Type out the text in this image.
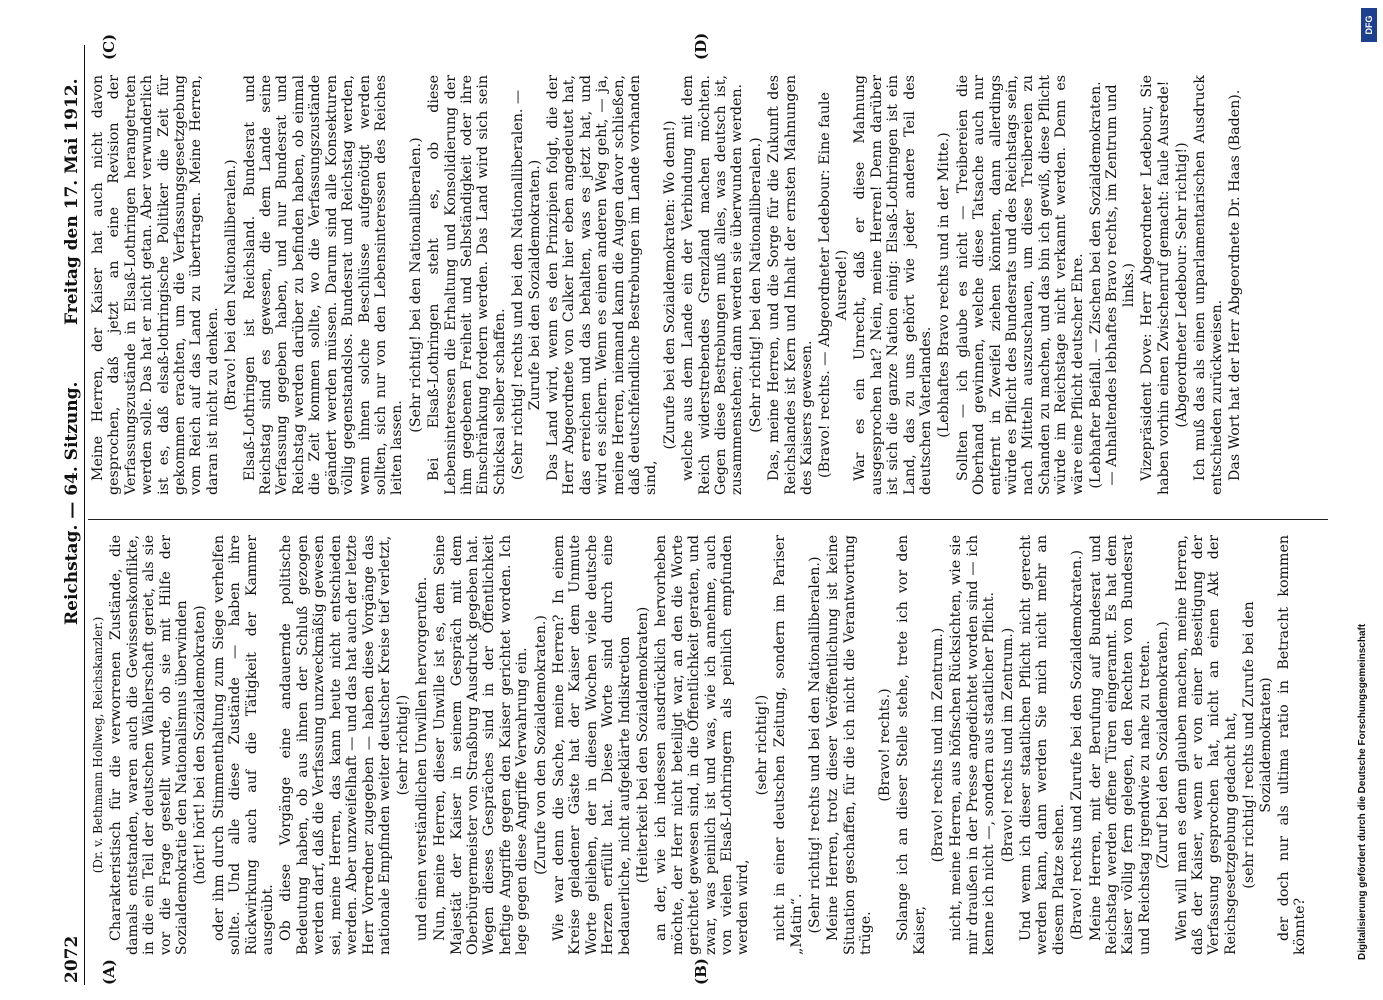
2072
Reichstag. — 64. Sitzung.
Freitag den 17. Mai 1912.
(A)	(B)
(C)	(D)

(Dr. v. Bethmann Hollweg, Reichskanzler.) Charakteristisch für die verworrenen Zustände, die damals entstanden, waren auch die Gewissenskonflikte, in die ein Teil der deutschen Wählerschaft geriet, als sie vor die Frage gestellt wurde, ob sie mit Hilfe der Sozialdemokratie den Nationalismus überwinden (hört! hört! bei den Sozialdemokraten) oder ihm durch Stimmenthaltung zum Siege verhelfen sollte. Und alle diese Zustände — haben ihre Rückwirkung auch auf die Tätigkeit der Kammer ausgeübt. Ob diese Vorgänge eine andauernde politische Bedeutung haben, ob aus ihnen der Schluß gezogen werden darf, daß die Verfassung unzweckmäßig gewesen sei, meine Herren, das kann heute nicht entschieden werden. Aber unzweifelhaft — und das hat auch der letzte Herr Vorredner zugegeben — haben diese Vorgänge das nationale Empfinden weiter deutscher Kreise tief verletzt, (sehr richtig!) und einen verständlichen Unwillen hervorgerufen. Nun, meine Herren, dieser Unwille ist es, dem Seine Majestät der Kaiser in seinem Gespräch mit dem Oberbürgermeister von Straßburg Ausdruck gegeben hat. Wegen dieses Gespräches sind in der Öffentlichkeit heftige Angriffe gegen den Kaiser gerichtet worden. Ich lege gegen diese Angriffe Verwahrung ein. (Zurufe von den Sozialdemokraten.) Wie war denn die Sache, meine Herren? In einem Kreise geladener Gäste hat der Kaiser dem Unmute Worte geliehen, der in diesen Wochen viele deutsche Herzen erfüllt hat. Diese Worte sind durch eine bedauerliche, nicht aufgeklärte Indiskretion (Heiterkeit bei den Sozialdemokraten) an der, wie ich indessen ausdrücklich hervorheben möchte, der Herr nicht beteiligt war, an den die Worte gerichtet gewesen sind, in die Öffentlichkeit geraten, und zwar, was peinlich ist und was, wie ich annehme, auch von vielen Elsaß-Lothringern als peinlich empfunden werden wird,

(sehr richtig!) nicht in einer deutschen Zeitung, sondern im Pariser „Matin“. (Sehr richtig! rechts und bei den Nationalliberalen.) Meine Herren, trotz dieser Veröffentlichung ist keine Situation geschaffen, für die ich nicht die Verantwortung trüge.

(Bravo! rechts.) Solange ich an dieser Stelle stehe, trete ich vor den Kaiser,

(Bravo! rechts und im Zentrum.) nicht, meine Herren, aus höfischen Rücksichten, wie sie mir draußen in der Presse angedichtet worden sind — ich kenne ich nicht —, sondern aus staatlicher Pflicht. (Bravo! rechts und im Zentrum.) Und wenn ich dieser staatlichen Pflicht nicht gerecht werden kann, dann werden Sie mich nicht mehr an diesem Platze sehen. (Bravo! rechts und Zurufe bei den Sozialdemokraten.) Meine Herren, mit der Berufung auf Bundesrat und Reichstag werden offene Türen eingerannt. Es hat dem Kaiser völlig fern gelegen, den Rechten von Bundesrat und Reichstag irgendwie zu nahe zu treten. (Zuruf bei den Sozialdemokraten.) Wen will man es denn glauben machen, meine Herren, daß der Kaiser, wenn er von einer Beseitigung der Verfassung gesprochen hat, nicht an einen Akt der Reichsgesetzgebung gedacht hat, (sehr richtig! rechts und Zurufe bei den Sozialdemokraten) der doch nur als ultima ratio in Betracht kommen könnte?

Meine Herren, der Kaiser hat auch nicht davon gesprochen, daß jetzt an eine Revision der Verfassungszustände in Elsaß-Lothringen herangetreten werden solle. Das hat er nicht getan. Aber verwunderlich ist es, daß elsaß-lothringische Politiker die Zeit für gekommen erachten, um die Verfassungsgesetzgebung vom Reich auf das Land zu übertragen. Meine Herren, daran ist nicht zu denken. (Bravo! bei den Nationalliberalen.) Elsaß-Lothringen ist Reichsland. Bundesrat und Reichstag sind es gewesen, die dem Lande seine Verfassung gegeben haben, und nur Bundesrat und Reichstag werden darüber zu befinden haben, ob einmal die Zeit kommen sollte, wo die Verfassungszustände geändert werden müssen. Darum sind alle Konsekturen völlig gegenstandslos. Bundesrat und Reichstag werden, wenn ihnen solche Beschlüsse aufgenötigt werden sollten, sich nur von den Lebensinteressen des Reiches leiten lassen.

(Sehr richtig! bei den Nationalliberalen.) Bei Elsaß-Lothringen steht es, ob diese Lebensinteressen die Erhaltung und Konsolidierung der ihm gegebenen Freiheit und Selbständigkeit oder ihre Einschränkung fordern werden. Das Land wird sich sein Schicksal selber schaffen. (Sehr richtig! rechts und bei den Nationalliberalen. — Zurufe bei den Sozialdemokraten.) Das Land wird, wenn es den Prinzipien folgt, die der Herr Abgeordnete von Calker hier eben angedeutet hat, das erreichen und das behalten, was es jetzt hat, und wird es sichern. Wenn es einen anderen Weg geht, — ja, meine Herren, niemand kann die Augen davor schließen, daß deutschfeindliche Bestrebungen im Lande vorhanden sind,

(Zurufe bei den Sozialdemokraten: Wo denn!) welche aus dem Lande ein der Verbindung mit dem Reich widerstrebendes Grenzland machen möchten. Gegen diese Bestrebungen muß alles, was deutsch ist, zusammenstehen; dann werden sie überwunden werden. (Sehr richtig! bei den Nationalliberalen.) Das, meine Herren, und die Sorge für die Zukunft des Reichslandes ist Kern und Inhalt der ernsten Mahnungen des Kaisers gewesen. (Bravo! rechts. — Abgeordneter Ledebour: Eine faule Ausrede!) War es ein Unrecht, daß er diese Mahnung ausgesprochen hat? Nein, meine Herren! Denn darüber ist sich die ganze Nation einig: Elsaß-Lothringen ist ein Land, das zu uns gehört wie jeder andere Teil des deutschen Vaterlandes. (Lebhaftes Bravo rechts und in der Mitte.) Sollten — ich glaube es nicht — Treibereien die Oberhand gewinnen, welche diese Tatsache auch nur entfernt in Zweifel ziehen könnten, dann allerdings würde es Pflicht des Bundesrats und des Reichstags sein, nach Mitteln auszuschauen, um diese Treibereien zu Schanden zu machen, und das bin ich gewiß, diese Pflicht würde im Reichstage nicht verkannt werden. Denn es wäre eine Pflicht deutscher Ehre. (Lebhafter Beifall. — Zischen bei den Sozialdemokraten. — Anhaltendes lebhaftes Bravo rechts, im Zentrum und links.) Vizepräsident Dove: Herr Abgeordneter Ledebour, Sie haben vorhin einen Zwischenruf gemacht: faule Ausrede! (Abgeordneter Ledebour: Sehr richtig!) Ich muß das als einen unparlamentarischen Ausdruck entschieden zurückweisen. Das Wort hat der Herr Abgeordnete Dr. Haas (Baden).

DFG
Digitalisierung gefördert durch die Deutsche Forschungsgemeinschaft
